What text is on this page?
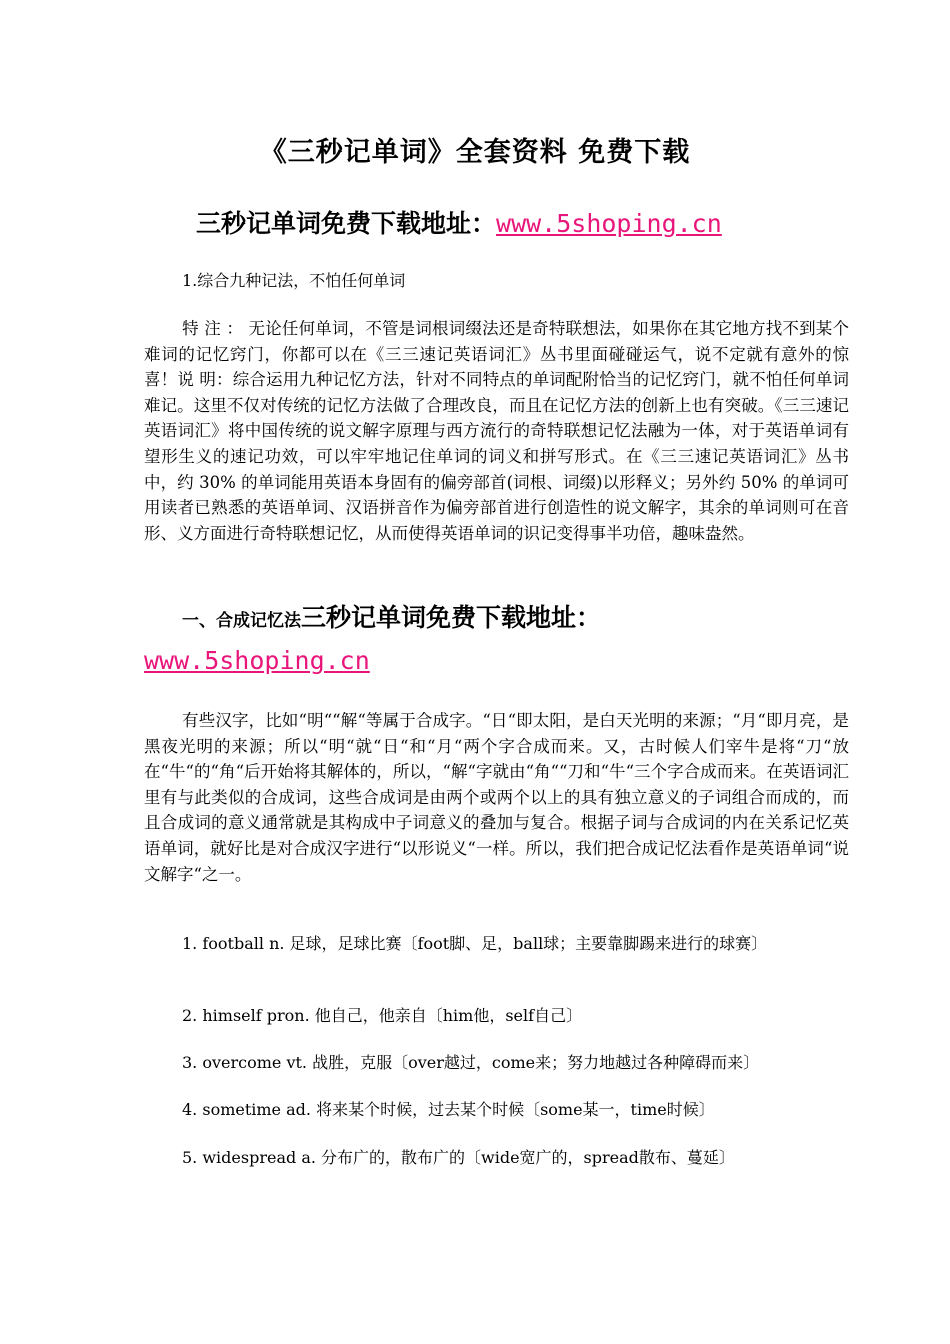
《三秒记单词》全套资料 免费下载
三秒记单词免费下载地址：www.5shoping.cn
1.综合九种记法，不怕任何单词

特 注 ： 无论任何单词，不管是词根词缀法还是奇特联想法，如果你在其它地方找不到某个难词的记忆窍门，你都可以在《三三速记英语词汇》丛书里面碰碰运气，说不定就有意外的惊喜！说 明：综合运用九种记忆方法，针对不同特点的单词配附恰当的记忆窍门，就不怕任何单词难记。这里不仅对传统的记忆方法做了合理改良，而且在记忆方法的创新上也有突破。《三三速记英语词汇》将中国传统的说文解字原理与西方流行的奇特联想记忆法融为一体，对于英语单词有望形生义的速记功效，可以牢牢地记住单词的词义和拼写形式。在《三三速记英语词汇》丛书中，约 30% 的单词能用英语本身固有的偏旁部首(词根、词缀)以形释义；另外约 50% 的单词可用读者已熟悉的英语单词、汉语拼音作为偏旁部首进行创造性的说文解字，其余的单词则可在音形、义方面进行奇特联想记忆，从而使得英语单词的识记变得事半功倍，趣味盎然。

一、合成记忆法三秒记单词免费下载地址：
www.5shoping.cn

有些汉字，比如“明““解“等属于合成字。“日“即太阳，是白天光明的来源；“月“即月亮，是黑夜光明的来源；所以“明“就“日“和“月“两个字合成而来。又，古时候人们宰牛是将“刀“放在“牛“的“角“后开始将其解体的，所以，“解“字就由“角““刀和“牛“三个字合成而来。在英语词汇里有与此类似的合成词，这些合成词是由两个或两个以上的具有独立意义的子词组合而成的，而且合成词的意义通常就是其构成中子词意义的叠加与复合。根据子词与合成词的内在关系记忆英语单词，就好比是对合成汉字进行“以形说义“一样。所以，我们把合成记忆法看作是英语单词“说文解字“之一。

1. football n. 足球，足球比赛〔foot脚、足，ball球；主要靠脚踢来进行的球赛〕

2. himself pron. 他自己，他亲自〔him他，self自己〕

3. overcome vt. 战胜，克服〔over越过，come来；努力地越过各种障碍而来〕

4. sometime ad. 将来某个时候，过去某个时候〔some某一，time时候〕

5. widespread a. 分布广的，散布广的〔wide宽广的，spread散布、蔓延〕
